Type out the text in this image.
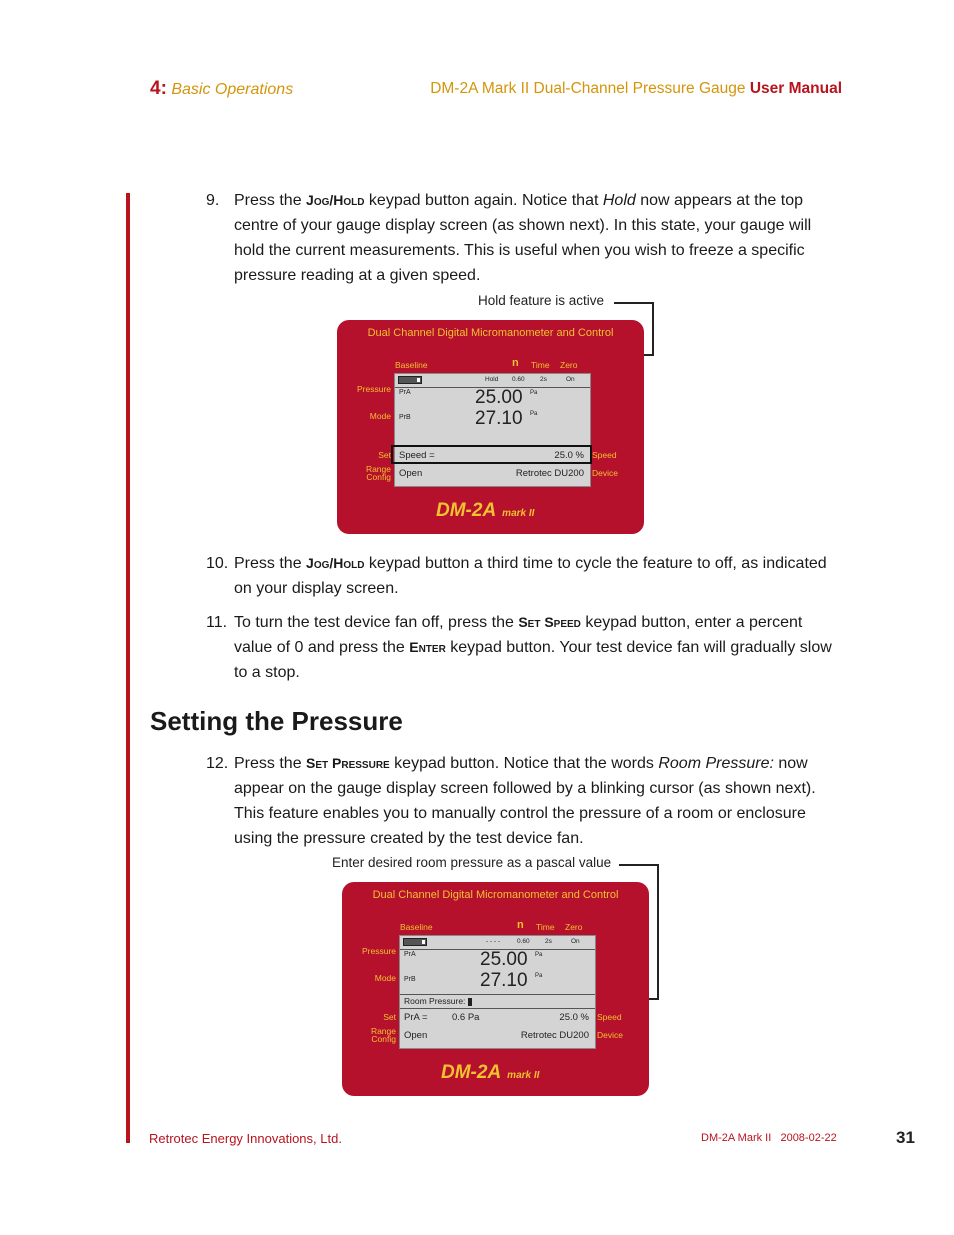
4: Basic Operations	DM-2A Mark II Dual-Channel Pressure Gauge User Manual
9. Press the Jog/Hold keypad button again. Notice that Hold now appears at the top centre of your gauge display screen (as shown next). In this state, your gauge will hold the current measurements. This is useful when you wish to freeze a specific pressure reading at a given speed.
Hold feature is active
Dual Channel Digital Micromanometer and Control
Baseline	n Time Zero
Pressure
Mode
Set
Range
Config
Speed
Device
Hold 0.60 2s	On
PrA	25.00 Pa
PrB	27.10 Pa
Speed =	25.0 %
Open	Retrotec DU200
DM-2A mark II
10. Press the Jog/Hold keypad button a third time to cycle the feature to off, as indicated on your display screen.
11. To turn the test device fan off, press the Set Speed keypad button, enter a percent value of 0 and press the Enter keypad button. Your test device fan will gradually slow to a stop.
Setting the Pressure
12. Press the Set Pressure keypad button. Notice that the words Room Pressure: now appear on the gauge display screen followed by a blinking cursor (as shown next). This feature enables you to manually control the pressure of a room or enclosure using the pressure created by the test device fan.
Enter desired room pressure as a pascal value
Dual Channel Digital Micromanometer and Control
Baseline	n Time Zero
Pressure
Mode
Set
Range
Config
Speed
Device
- - - -	0.60 2s	On
PrA	25.00 Pa
PrB	27.10 Pa
Room Pressure:
PrA =	0.6 Pa	25.0 %
Open	Retrotec DU200
DM-2A mark II
Retrotec Energy Innovations, Ltd.	DM-2A Mark II   2008-02-22	31
